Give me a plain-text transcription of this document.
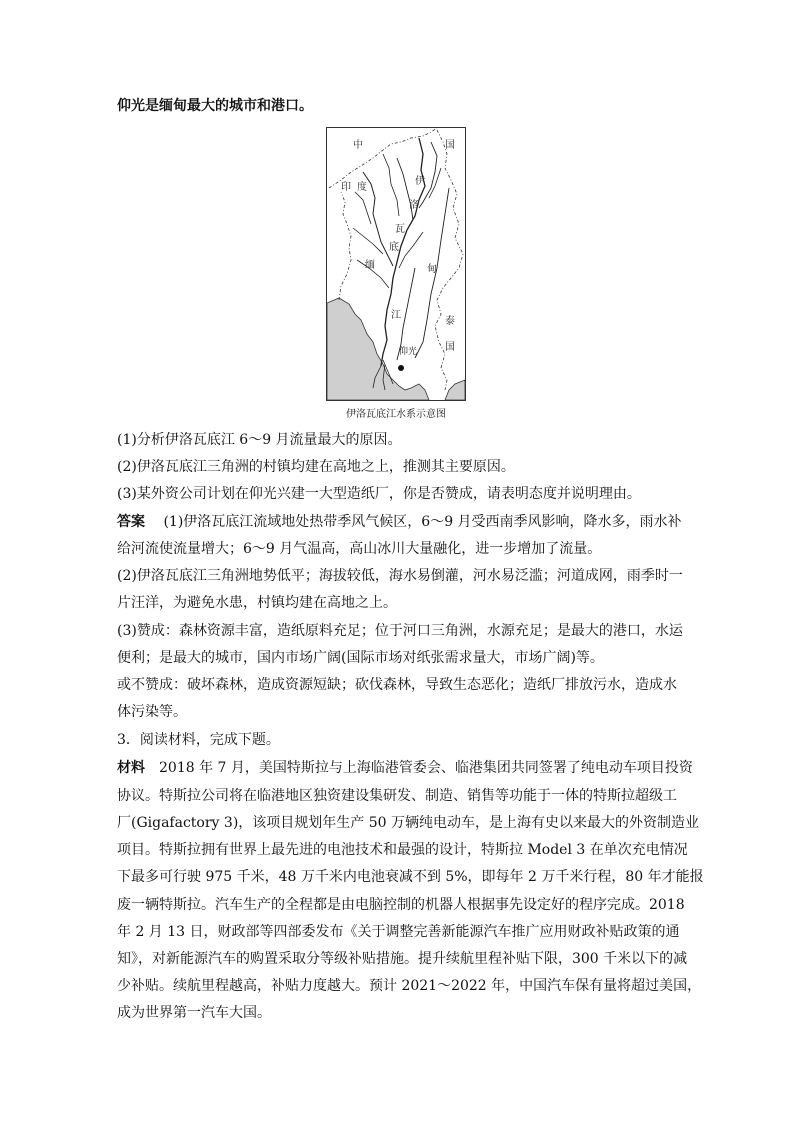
仰光是缅甸最大的城市和港口。
中	国
印 度
伊
洛
瓦
缅
底
甸
江
泰
国
仰光
伊洛瓦底江水系示意图
(1)分析伊洛瓦底江 6～9 月流量最大的原因。
(2)伊洛瓦底江三角洲的村镇均建在高地之上，推测其主要原因。
(3)某外资公司计划在仰光兴建一大型造纸厂，你是否赞成，请表明态度并说明理由。
答案　 (1)伊洛瓦底江流域地处热带季风气候区，6～9 月受西南季风影响，降水多，雨水补
给河流使流量增大；6～9 月气温高，高山冰川大量融化，进一步增加了流量。
(2)伊洛瓦底江三角洲地势低平；海拔较低，海水易倒灌，河水易泛滥；河道成网，雨季时一
片汪洋，为避免水患，村镇均建在高地之上。
(3)赞成：森林资源丰富，造纸原料充足；位于河口三角洲，水源充足；是最大的港口，水运
便利；是最大的城市，国内市场广阔(国际市场对纸张需求量大，市场广阔)等。
或不赞成：破坏森林，造成资源短缺；砍伐森林，导致生态恶化；造纸厂排放污水，造成水
体污染等。
3．阅读材料，完成下题。
材料　2018 年 7 月，美国特斯拉与上海临港管委会、临港集团共同签署了纯电动车项目投资
协议。特斯拉公司将在临港地区独资建设集研发、制造、销售等功能于一体的特斯拉超级工
厂(Gigafactory 3)，该项目规划年生产 50 万辆纯电动车，是上海有史以来最大的外资制造业
项目。特斯拉拥有世界上最先进的电池技术和最强的设计，特斯拉 Model 3 在单次充电情况
下最多可行驶 975 千米，48 万千米内电池衰减不到 5%，即每年 2 万千米行程，80 年才能报
废一辆特斯拉。汽车生产的全程都是由电脑控制的机器人根据事先设定好的程序完成。2018
年 2 月 13 日，财政部等四部委发布《关于调整完善新能源汽车推广应用财政补贴政策的通
知》，对新能源汽车的购置采取分等级补贴措施。提升续航里程补贴下限，300 千米以下的减
少补贴。续航里程越高，补贴力度越大。预计 2021～2022 年，中国汽车保有量将超过美国，
成为世界第一汽车大国。
